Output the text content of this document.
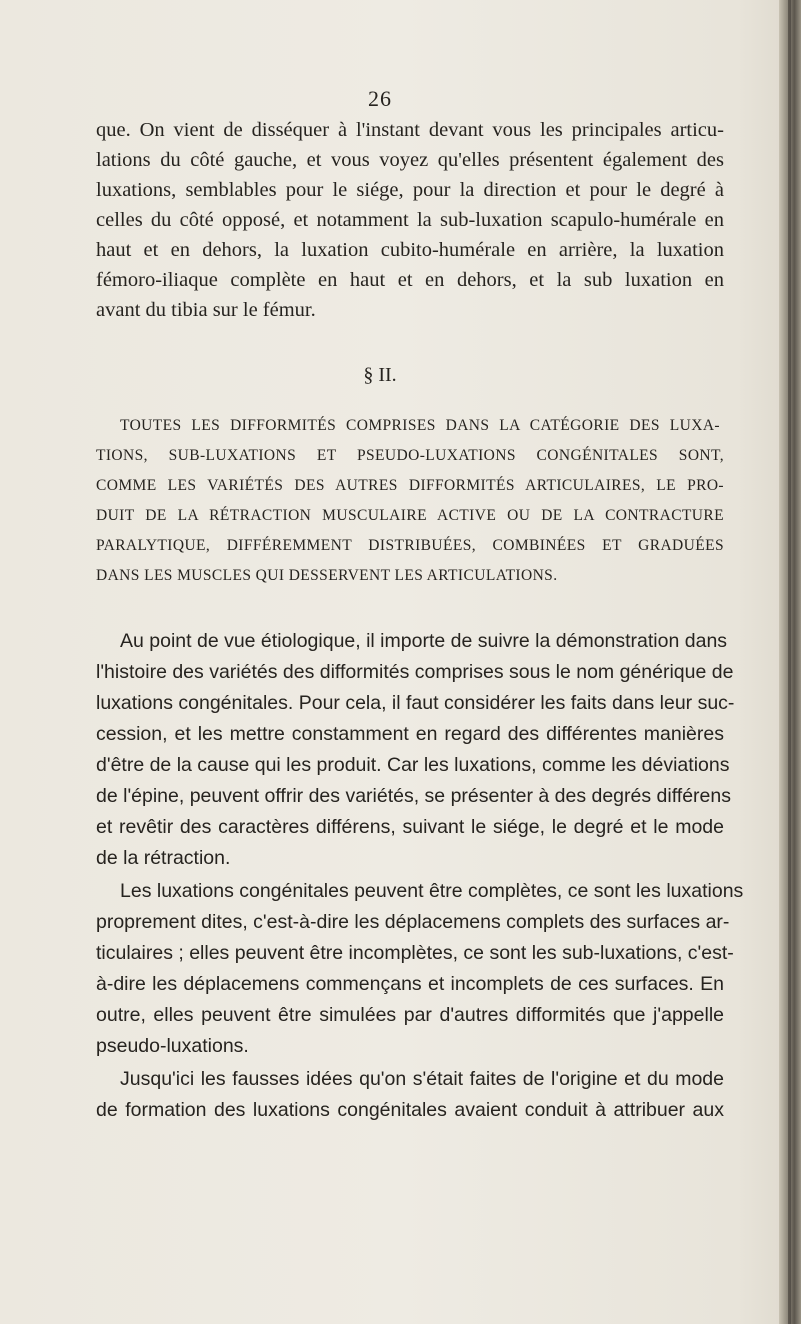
26
que. On vient de disséquer à l'instant devant vous les principales articu-
lations du côté gauche, et vous voyez qu'elles présentent également des
luxations, semblables pour le siége, pour la direction et pour le degré à
celles du côté opposé, et notamment la sub-luxation scapulo-humérale en
haut et en dehors, la luxation cubito-humérale en arrière, la luxation
fémoro-iliaque complète en haut et en dehors, et la sub luxation en
avant du tibia sur le fémur.
§ II.
TOUTES LES DIFFORMITÉS COMPRISES DANS LA CATÉGORIE DES LUXA-
TIONS, SUB-LUXATIONS ET PSEUDO-LUXATIONS CONGÉNITALES SONT,
COMME LES VARIÉTÉS DES AUTRES DIFFORMITÉS ARTICULAIRES, LE PRO-
DUIT DE LA RÉTRACTION MUSCULAIRE ACTIVE OU DE LA CONTRACTURE
PARALYTIQUE, DIFFÉREMMENT DISTRIBUÉES, COMBINÉES ET GRADUÉES
DANS LES MUSCLES QUI DESSERVENT LES ARTICULATIONS.
Au point de vue étiologique, il importe de suivre la démonstration dans
l'histoire des variétés des difformités comprises sous le nom générique de
luxations congénitales. Pour cela, il faut considérer les faits dans leur suc-
cession, et les mettre constamment en regard des différentes manières
d'être de la cause qui les produit. Car les luxations, comme les déviations
de l'épine, peuvent offrir des variétés, se présenter à des degrés différens
et revêtir des caractères différens, suivant le siége, le degré et le mode
de la rétraction.
Les luxations congénitales peuvent être complètes, ce sont les luxations
proprement dites, c'est-à-dire les déplacemens complets des surfaces ar-
ticulaires ; elles peuvent être incomplètes, ce sont les sub-luxations, c'est-
à-dire les déplacemens commençans et incomplets de ces surfaces. En
outre, elles peuvent être simulées par d'autres difformités que j'appelle
pseudo-luxations.
Jusqu'ici les fausses idées qu'on s'était faites de l'origine et du mode
de formation des luxations congénitales avaient conduit à attribuer aux
